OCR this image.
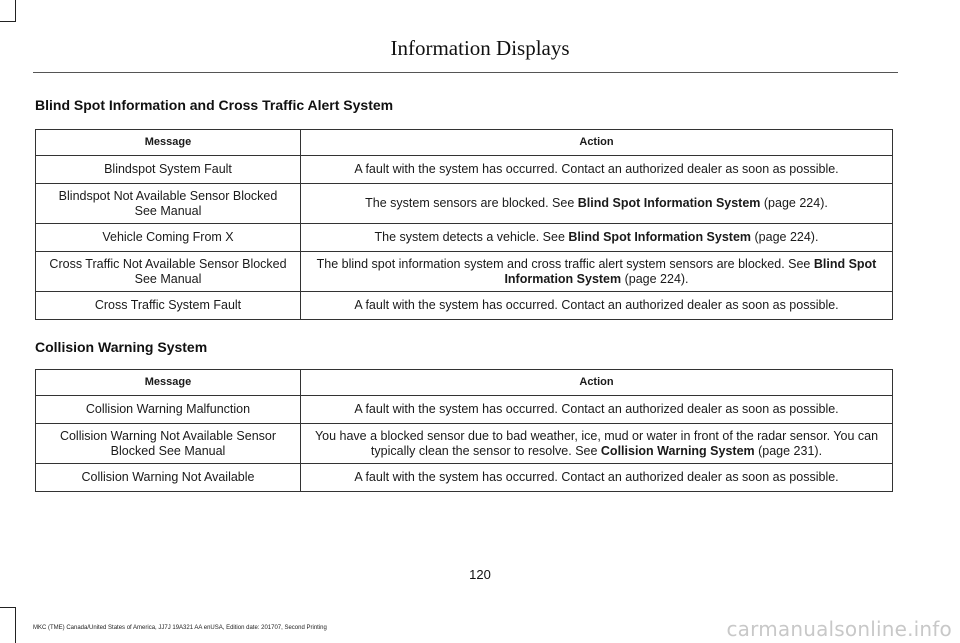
Information Displays
Blind Spot Information and Cross Traffic Alert System
Message	Action
Blindspot System Fault	A fault with the system has occurred. Contact an authorized dealer as soon as possible.
Blindspot Not Available Sensor Blocked
See Manual	The system sensors are blocked. See Blind Spot Information System (page 224).
Vehicle Coming From X	The system detects a vehicle. See Blind Spot Information System (page 224).
Cross Traffic Not Available Sensor Blocked
See Manual	The blind spot information system and cross traffic alert system sensors are blocked. See Blind Spot Information System (page 224).
Cross Traffic System Fault	A fault with the system has occurred. Contact an authorized dealer as soon as possible.
Collision Warning System
Message	Action
Collision Warning Malfunction	A fault with the system has occurred. Contact an authorized dealer as soon as possible.
Collision Warning Not Available Sensor
Blocked See Manual	You have a blocked sensor due to bad weather, ice, mud or water in front of the radar sensor. You can typically clean the sensor to resolve. See Collision Warning System (page 231).
Collision Warning Not Available	A fault with the system has occurred. Contact an authorized dealer as soon as possible.
120
MKC (TME) Canada/United States of America, JJ7J 19A321 AA enUSA, Edition date: 201707, Second Printing	carmanualsonline.info
